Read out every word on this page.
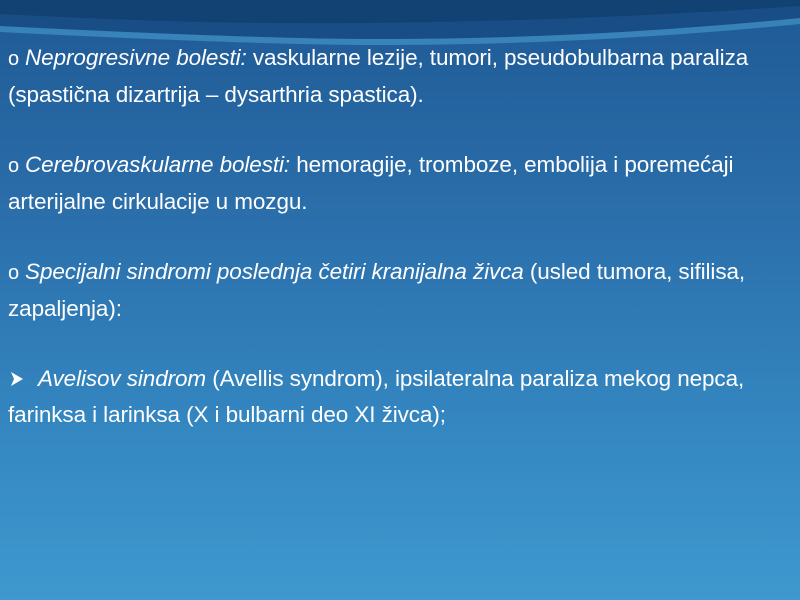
o Neprogresivne bolesti: vaskularne lezije, tumori, pseudobulbarna paraliza (spastična dizartrija – dysarthria spastica).

o Cerebrovaskularne bolesti: hemoragije, tromboze, embolija i poremećaji arterijalne cirkulacije u mozgu.

o Specijalni sindromi poslednja četiri kranijalna živca (usled tumora, sifilisa, zapaljenja):

Avelisov sindrom (Avellis syndrom), ipsilateralna paraliza mekog nepca, farinksa i larinksa (X i bulbarni deo XI živca);
